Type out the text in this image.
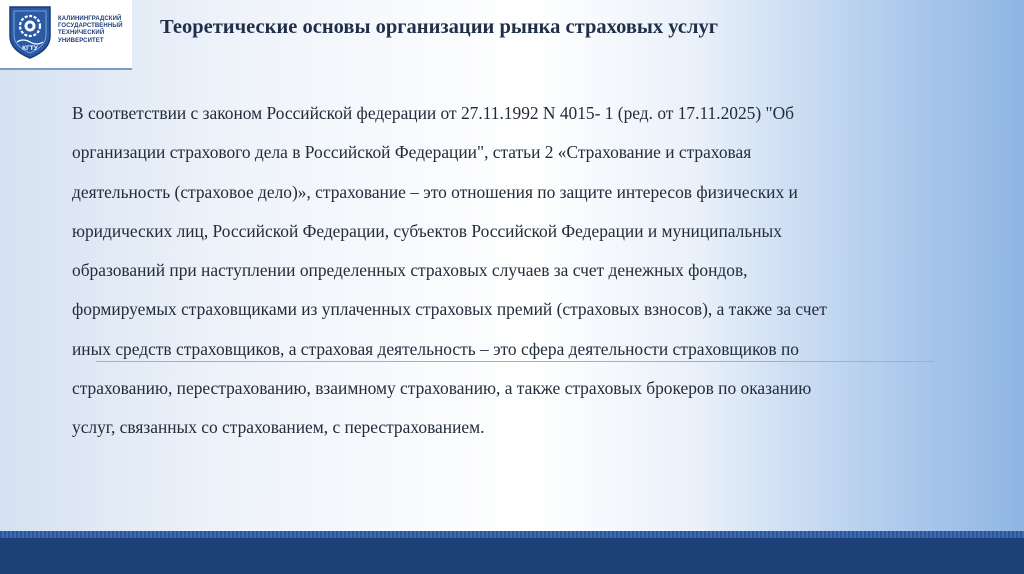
КГТУ
КАЛИНИНГРАДСКИЙ
ГОСУДАРСТВЕННЫЙ
ТЕХНИЧЕСКИЙ
УНИВЕРСИТЕТ
Теоретические основы организации рынка страховых услуг

В соответствии с законом Российской федерации от 27.11.1992 N 4015- 1 (ред. от 17.11.2025) "Об
организации страхового дела в Российской Федерации", статьи 2 «Страхование и страховая
деятельность (страховое дело)», страхование – это отношения по защите интересов физических и
юридических лиц, Российской Федерации, субъектов Российской Федерации и муниципальных
образований при наступлении определенных страховых случаев за счет денежных фондов,
формируемых страховщиками из уплаченных страховых премий (страховых взносов), а также за счет
иных средств страховщиков, а страховая деятельность – это сфера деятельности страховщиков по
страхованию, перестрахованию, взаимному страхованию, а также страховых брокеров по оказанию
услуг, связанных со страхованием, с перестрахованием.
